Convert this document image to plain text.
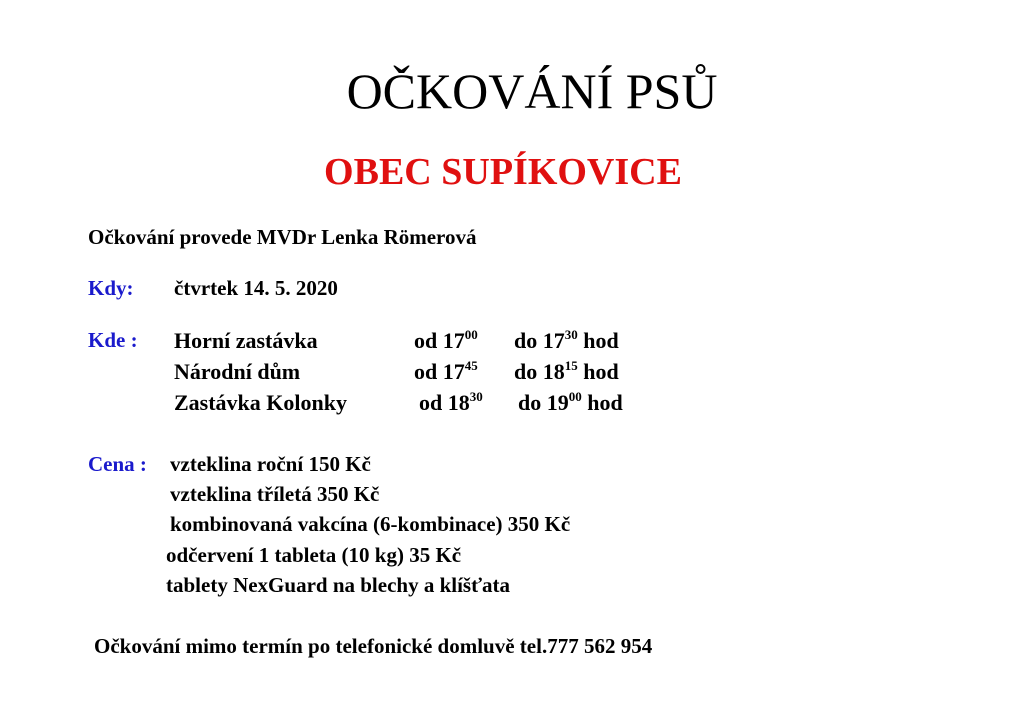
OČKOVÁNÍ PSŮ
OBEC SUPÍKOVICE
Očkování provede MVDr Lenka Römerová
Kdy: čtvrtek 14. 5. 2020
Kde : Horní zastávka	od $17^{00}$ do $17^{30}$ hod
Národní dům	od $17^{45}$ do $18^{15}$ hod
Zastávka Kolonky	od $18^{30}$ do $19^{00}$ hod
Cena : vzteklina roční 150 Kč
vzteklina tříletá 350 Kč
kombinovaná vakcína (6-kombinace) 350 Kč
odčervení 1 tableta (10 kg) 35 Kč
tablety NexGuard na blechy a klíšťata
Očkování mimo termín po telefonické domluvě tel.777 562 954
